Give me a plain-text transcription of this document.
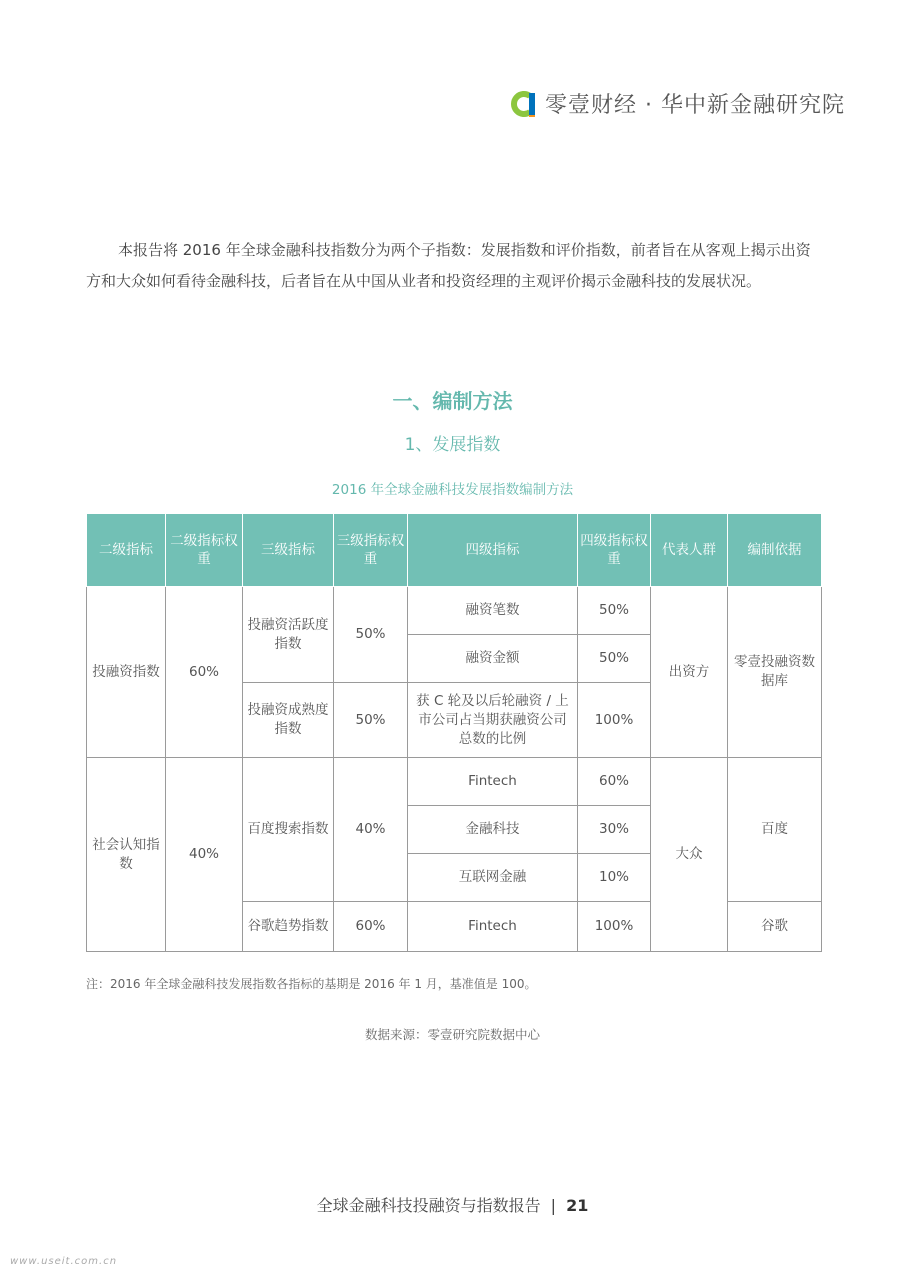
零壹财经 · 华中新金融研究院
本报告将 2016 年全球金融科技指数分为两个子指数：发展指数和评价指数，前者旨在从客观上揭示出资方和大众如何看待金融科技，后者旨在从中国从业者和投资经理的主观评价揭示金融科技的发展状况。
一、编制方法
1、发展指数
2016 年全球金融科技发展指数编制方法
二级指标	二级指标权重	三级指标	三级指标权重	四级指标	四级指标权重	代表人群	编制依据
投融资指数	60%	投融资活跃度指数	50%	融资笔数	50%	出资方	零壹投融资数据库
				融资金额	50%		
		投融资成熟度指数	50%	获 C 轮及以后轮融资 / 上市公司占当期获融资公司总数的比例	100%		
社会认知指数	40%	百度搜索指数	40%	Fintech	60%	大众	百度
				金融科技	30%		
				互联网金融	10%		
		谷歌趋势指数	60%	Fintech	100%		谷歌
注：2016 年全球金融科技发展指数各指标的基期是 2016 年 1 月，基准值是 100。
数据来源：零壹研究院数据中心
全球金融科技投融资与指数报告 | 21
www.useit.com.cn
